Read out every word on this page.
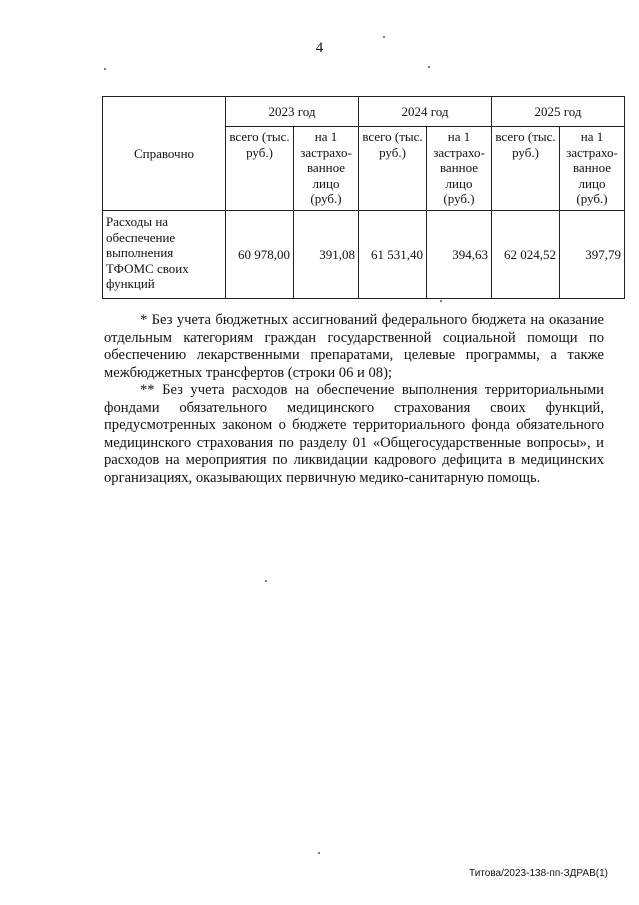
4
Справочно	2023 год		2024 год		2025 год	
	всего (тыс. руб.)	на 1 застрахо-ванное лицо (руб.)	всего (тыс. руб.)	на 1 застрахо-ванное лицо (руб.)	всего (тыс. руб.)	на 1 застрахо-ванное лицо (руб.)
Расходы на обеспечение выполнения ТФОМС своих функций	60 978,00	391,08	61 531,40	394,63	62 024,52	397,79

* Без учета бюджетных ассигнований федерального бюджета на оказание отдельным категориям граждан государственной социальной помощи по обеспечению лекарственными препаратами, целевые программы, а также межбюджетных трансфертов (строки 06 и 08);

** Без учета расходов на обеспечение выполнения территориальными фондами обязательного медицинского страхования своих функций, предусмотренных законом о бюджете территориального фонда обязательного медицинского страхования по разделу 01 «Общегосударственные вопросы», и расходов на мероприятия по ликвидации кадрового дефицита в медицинских организациях, оказывающих первичную медико-санитарную помощь.

Титова/2023-138-пп-ЗДРАВ(1)
